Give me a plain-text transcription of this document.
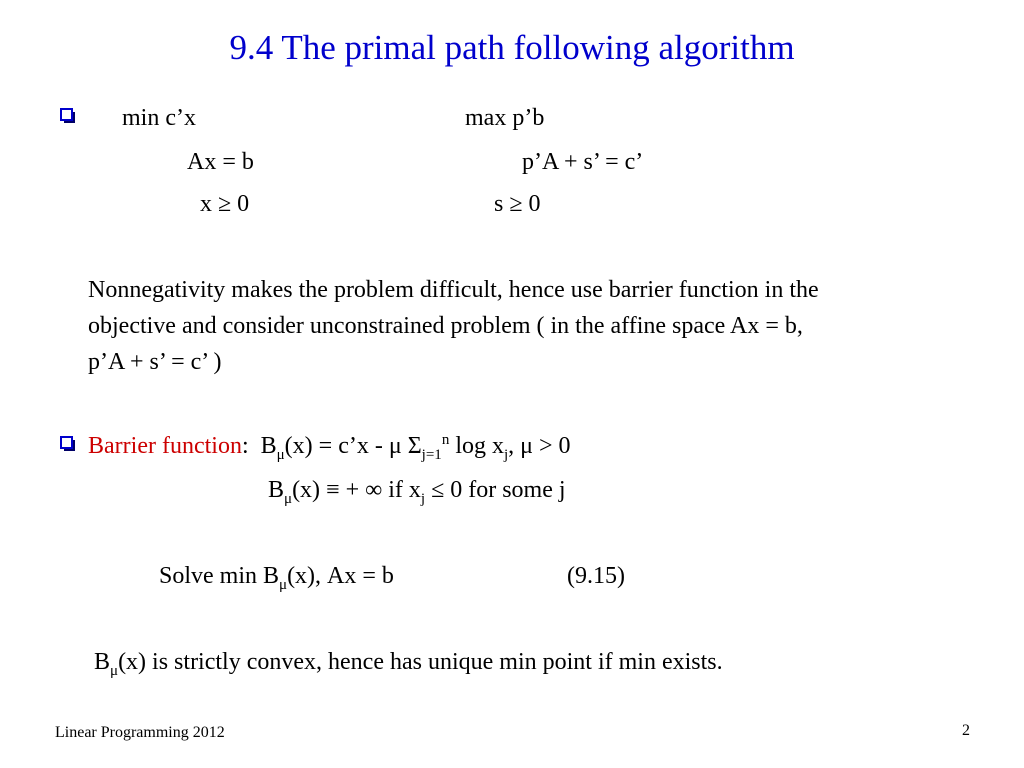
9.4 The primal path following algorithm
min c’x	max p’b
Ax = b	p’A + s’ = c’
x ≥ 0	s ≥ 0
Nonnegativity makes the problem difficult, hence use barrier function in the
objective and consider unconstrained problem ( in the affine space Ax = b,
p’A + s’ = c’ )
Barrier function: $B_\mu(x)$ = c’x - μ $\Sigma_{j=1}^n$ $\log x_j$, μ > 0
$B_\mu(x)$ ≡ + ∞ if $x_j \le 0$ for some j
Solve $\min B_\mu(x)$, Ax = b	(9.15)
$B_\mu(x)$ is strictly convex, hence has unique min point if min exists.
Linear Programming 2012	2
